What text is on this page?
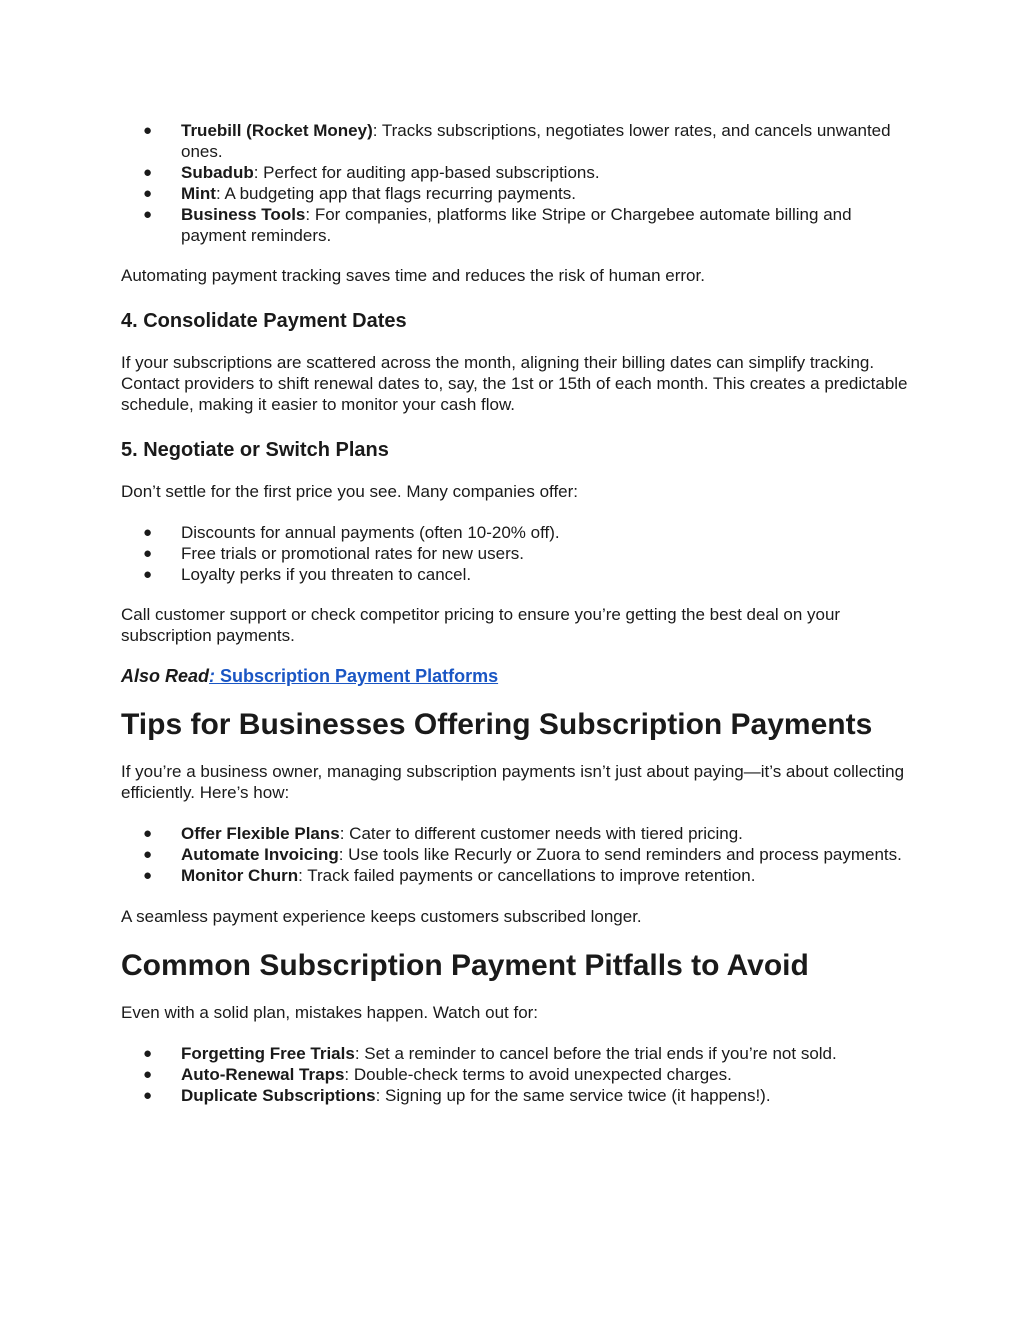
● Truebill (Rocket Money): Tracks subscriptions, negotiates lower rates, and cancels unwanted ones.
● Subadub: Perfect for auditing app-based subscriptions.
● Mint: A budgeting app that flags recurring payments.
● Business Tools: For companies, platforms like Stripe or Chargebee automate billing and payment reminders.

Automating payment tracking saves time and reduces the risk of human error.

4. Consolidate Payment Dates

If your subscriptions are scattered across the month, aligning their billing dates can simplify tracking. Contact providers to shift renewal dates to, say, the 1st or 15th of each month. This creates a predictable schedule, making it easier to monitor your cash flow.

5. Negotiate or Switch Plans

Don’t settle for the first price you see. Many companies offer:

● Discounts for annual payments (often 10-20% off).
● Free trials or promotional rates for new users.
● Loyalty perks if you threaten to cancel.

Call customer support or check competitor pricing to ensure you’re getting the best deal on your subscription payments.

Also Read: Subscription Payment Platforms

Tips for Businesses Offering Subscription Payments

If you’re a business owner, managing subscription payments isn’t just about paying—it’s about collecting efficiently. Here’s how:

● Offer Flexible Plans: Cater to different customer needs with tiered pricing.
● Automate Invoicing: Use tools like Recurly or Zuora to send reminders and process payments.
● Monitor Churn: Track failed payments or cancellations to improve retention.

A seamless payment experience keeps customers subscribed longer.

Common Subscription Payment Pitfalls to Avoid

Even with a solid plan, mistakes happen. Watch out for:

● Forgetting Free Trials: Set a reminder to cancel before the trial ends if you’re not sold.
● Auto-Renewal Traps: Double-check terms to avoid unexpected charges.
● Duplicate Subscriptions: Signing up for the same service twice (it happens!).
